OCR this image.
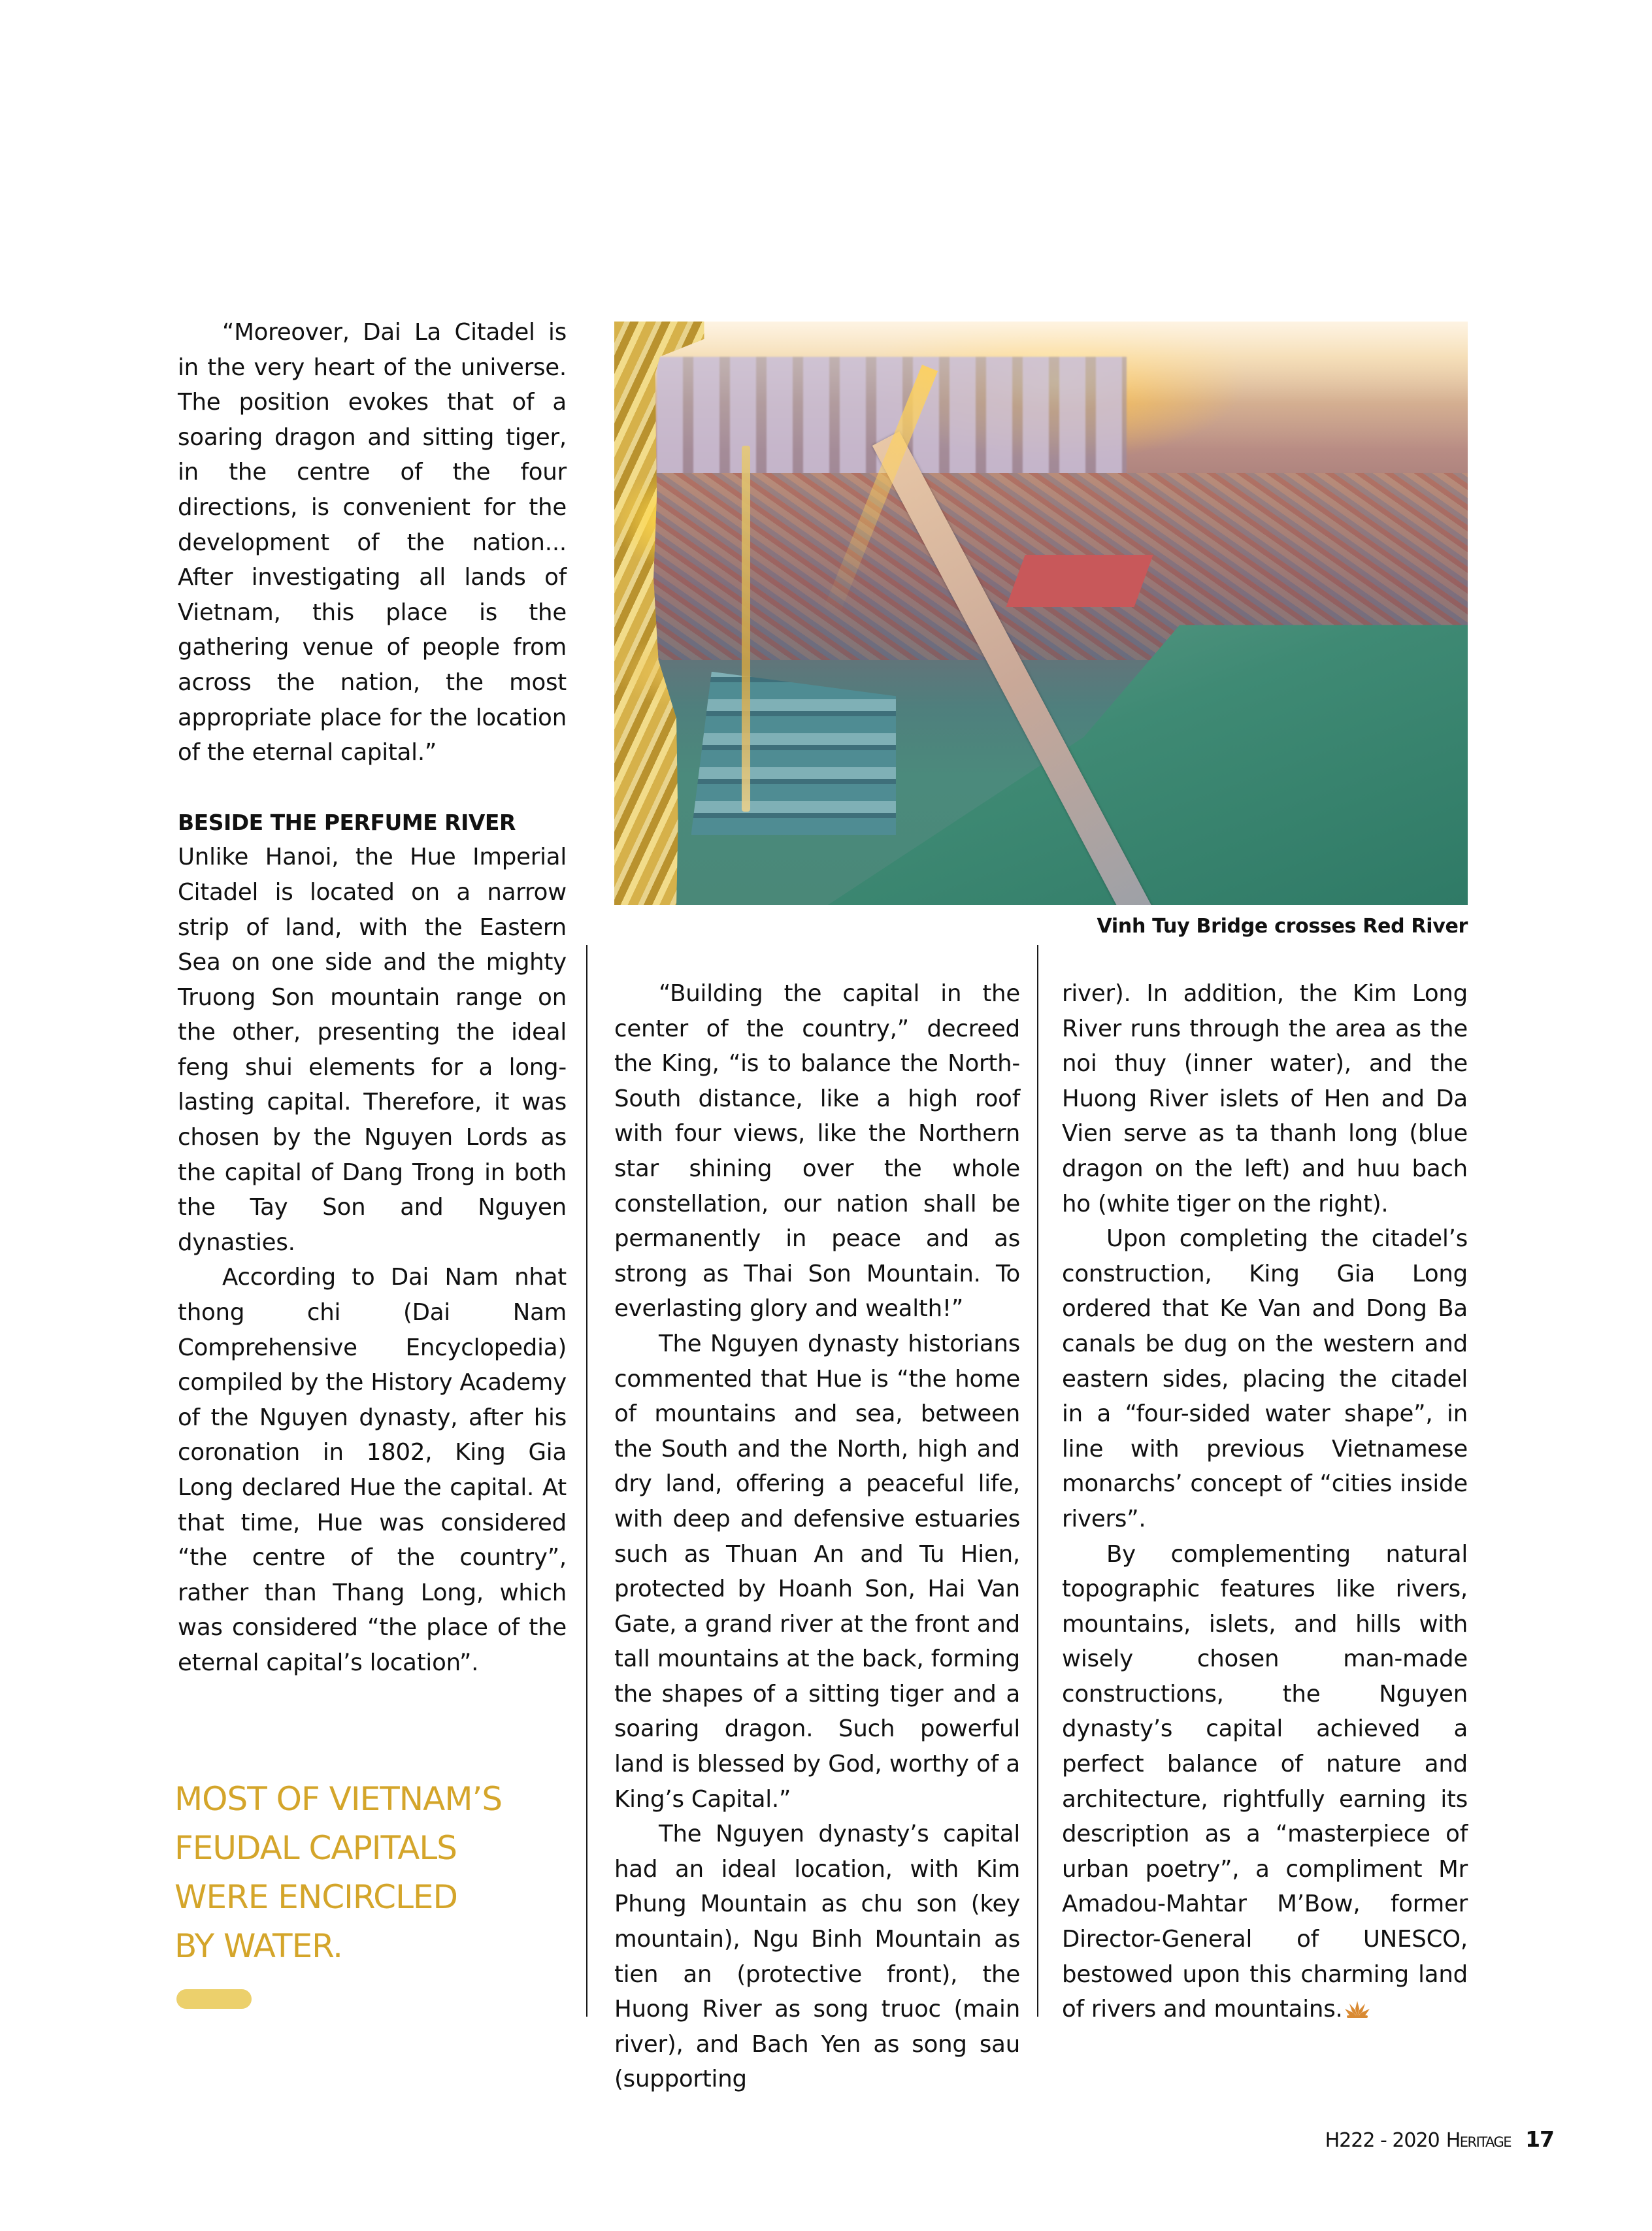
“Moreover, Dai La Citadel is in the very heart of the universe. The position evokes that of a soaring dragon and sitting tiger, in the centre of the four directions, is convenient for the development of the nation... After investigating all lands of Vietnam, this place is the gathering venue of people from across the nation, the most appropriate place for the location of the eternal capital.”

BESIDE THE PERFUME RIVER

Unlike Hanoi, the Hue Imperial Citadel is located on a narrow strip of land, with the Eastern Sea on one side and the mighty Truong Son mountain range on the other, presenting the ideal feng shui elements for a long-lasting capital. Therefore, it was chosen by the Nguyen Lords as the capital of Dang Trong in both the Tay Son and Nguyen dynasties.

According to Dai Nam nhat thong chi (Dai Nam Comprehensive Encyclopedia) compiled by the History Academy of the Nguyen dynasty, after his coronation in 1802, King Gia Long declared Hue the capital. At that time, Hue was considered “the centre of the country”, rather than Thang Long, which was considered “the place of the eternal capital’s location”.

MOST OF VIETNAM’S
FEUDAL CAPITALS
WERE ENCIRCLED
BY WATER.
Vinh Tuy Bridge crosses Red River

“Building the capital in the center of the country,” decreed the King, “is to balance the North-South distance, like a high roof with four views, like the Northern star shining over the whole constellation, our nation shall be permanently in peace and as strong as Thai Son Mountain. To everlasting glory and wealth!”

The Nguyen dynasty historians commented that Hue is “the home of mountains and sea, between the South and the North, high and dry land, offering a peaceful life, with deep and defensive estuaries such as Thuan An and Tu Hien, protected by Hoanh Son, Hai Van Gate, a grand river at the front and tall mountains at the back, forming the shapes of a sitting tiger and a soaring dragon. Such powerful land is blessed by God, worthy of a King’s Capital.”

The Nguyen dynasty’s capital had an ideal location, with Kim Phung Mountain as chu son (key mountain), Ngu Binh Mountain as tien an (protective front), the Huong River as song truoc (main river), and Bach Yen as song sau (supporting

river). In addition, the Kim Long River runs through the area as the noi thuy (inner water), and the Huong River islets of Hen and Da Vien serve as ta thanh long (blue dragon on the left) and huu bach ho (white tiger on the right).

Upon completing the citadel’s construction, King Gia Long ordered that Ke Van and Dong Ba canals be dug on the western and eastern sides, placing the citadel in a “four-sided water shape”, in line with previous Vietnamese monarchs’ concept of “cities inside rivers”.

By complementing natural topographic features like rivers, mountains, islets, and hills with wisely chosen man-made constructions, the Nguyen dynasty’s capital achieved a perfect balance of nature and architecture, rightfully earning its description as a “masterpiece of urban poetry”, a compliment Mr Amadou-Mahtar M’Bow, former Director-General of UNESCO, bestowed upon this charming land of rivers and mountains.

H222 - 2020 Heritage 17
